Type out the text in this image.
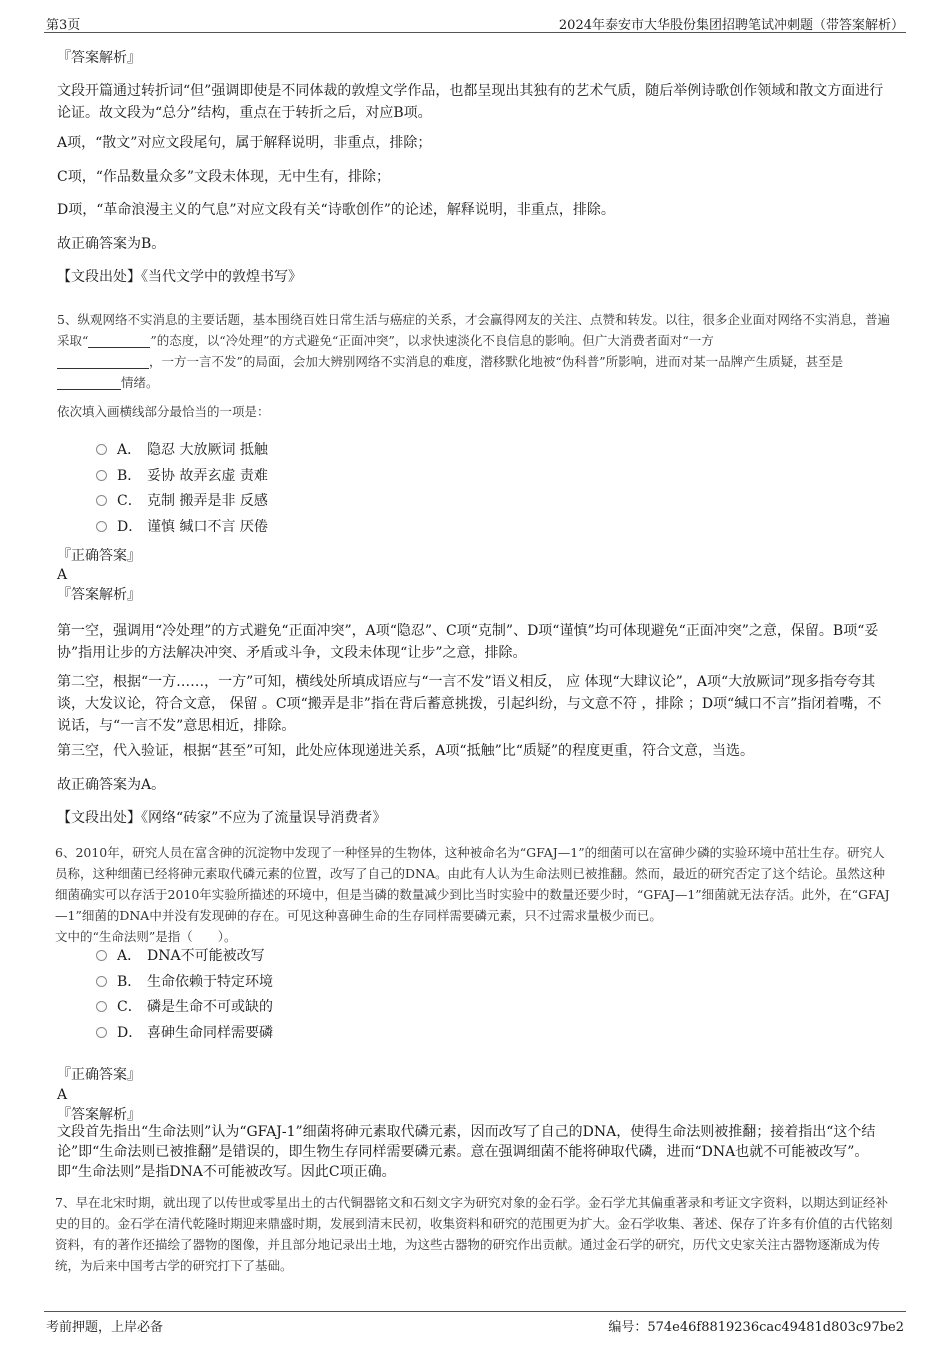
第3页	2024年泰安市大华股份集团招聘笔试冲刺题（带答案解析）
『答案解析』
文段开篇通过转折词“但”强调即使是不同体裁的敦煌文学作品，也都呈现出其独有的艺术气质，随后举例诗歌创作领域和散文方面进行论证。故文段为“总分”结构，重点在于转折之后，对应B项。
A项，“散文”对应文段尾句，属于解释说明，非重点，排除；
C项，“作品数量众多”文段未体现，无中生有，排除；
D项，“革命浪漫主义的气息”对应文段有关“诗歌创作”的论述，解释说明，非重点，排除。
故正确答案为B。
【文段出处】《当代文学中的敦煌书写》
5、纵观网络不实消息的主要话题，基本围绕百姓日常生活与癌症的关系，才会赢得网友的关注、点赞和转发。以往，很多企业面对网络不实消息，普遍采取“	”的态度，以“冷处理”的方式避免“正面冲突”，以求快速淡化不良信息的影响。但广大消费者面对“一方
，一方一言不发”的局面，会加大辨别网络不实消息的难度，潜移默化地被“伪科普”所影响，进而对某一品牌产生质疑，甚至是
情绪。
依次填入画横线部分最恰当的一项是：
A． 隐忍 大放厥词 抵触
B． 妥协 故弄玄虚 责难
C． 克制 搬弄是非 反感
D． 谨慎 缄口不言 厌倦
『正确答案』
A
『答案解析』
第一空，强调用“冷处理”的方式避免“正面冲突”，A项“隐忍”、C项“克制”、D项“谨慎”均可体现避免“正面冲突”之意，保留。B项“妥协”指用让步的方法解决冲突、矛盾或斗争，文段未体现“让步”之意，排除。
第二空，根据“一方……，一方”可知，横线处所填成语应与“一言不发”语义相反， 应 体现“大肆议论”，A项“大放厥词”现多指夸夸其谈，大发议论，符合文意， 保留 。C项“搬弄是非”指在背后蓄意挑拨，引起纠纷，与文意不符 ，排除 ；D项“缄口不言”指闭着嘴，不说话，与“一言不发”意思相近，排除。
第三空，代入验证，根据“甚至”可知，此处应体现递进关系，A项“抵触”比“质疑”的程度更重，符合文意，当选。
故正确答案为A。
【文段出处】《网络“砖家”不应为了流量误导消费者》
6、2010年，研究人员在富含砷的沉淀物中发现了一种怪异的生物体，这种被命名为“GFAJ—1”的细菌可以在富砷少磷的实验环境中茁壮生存。研究人员称，这种细菌已经将砷元素取代磷元素的位置，改写了自己的DNA。由此有人认为生命法则已被推翻。然而，最近的研究否定了这个结论。虽然这种细菌确实可以存活于2010年实验所描述的环境中，但是当磷的数量减少到比当时实验中的数量还要少时，“GFAJ—1”细菌就无法存活。此外，在“GFAJ—1”细菌的DNA中并没有发现砷的存在。可见这种喜砷生命的生存同样需要磷元素，只不过需求量极少而已。
文中的“生命法则”是指（　　）。
A． DNA不可能被改写
B． 生命依赖于特定环境
C． 磷是生命不可或缺的
D． 喜砷生命同样需要磷
『正确答案』
A
『答案解析』
文段首先指出“生命法则”认为“GFAJ-1”细菌将砷元素取代磷元素，因而改写了自己的DNA，使得生命法则被推翻；接着指出“这个结论”即“生命法则已被推翻”是错误的，即生物生存同样需要磷元素。意在强调细菌不能将砷取代磷，进而“DNA也就不可能被改写”。即“生命法则”是指DNA不可能被改写。因此C项正确。
7、早在北宋时期，就出现了以传世或零星出土的古代铜器铭文和石刻文字为研究对象的金石学。金石学尤其偏重著录和考证文字资料，以期达到证经补史的目的。金石学在清代乾隆时期迎来鼎盛时期，发展到清末民初，收集资料和研究的范围更为扩大。金石学收集、著述、保存了许多有价值的古代铭刻资料，有的著作还描绘了器物的图像，并且部分地记录出土地，为这些古器物的研究作出贡献。通过金石学的研究，历代文史家关注古器物逐渐成为传统，为后来中国考古学的研究打下了基础。
考前押题，上岸必备	编号：574e46f8819236cac49481d803c97be2
